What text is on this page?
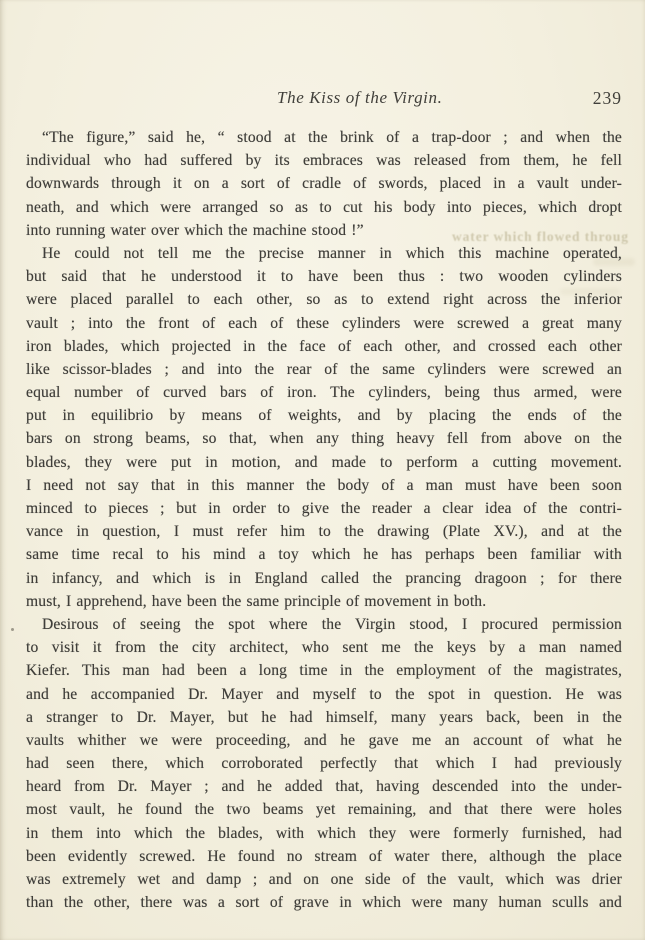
The Kiss of the Virgin.	239
water which flowed throug
“The figure,” said he, “ stood at the brink of a trap-door ; and when the
individual who had suffered by its embraces was released from them, he fell
downwards through it on a sort of cradle of swords, placed in a vault under-
neath, and which were arranged so as to cut his body into pieces, which dropt
into running water over which the machine stood !”
He could not tell me the precise manner in which this machine operated,
but said that he understood it to have been thus : two wooden cylinders
were placed parallel to each other, so as to extend right across the inferior
vault ; into the front of each of these cylinders were screwed a great many
iron blades, which projected in the face of each other, and crossed each other
like scissor-blades ; and into the rear of the same cylinders were screwed an
equal number of curved bars of iron. The cylinders, being thus armed, were
put in equilibrio by means of weights, and by placing the ends of the
bars on strong beams, so that, when any thing heavy fell from above on the
blades, they were put in motion, and made to perform a cutting movement.
I need not say that in this manner the body of a man must have been soon
minced to pieces ; but in order to give the reader a clear idea of the contri-
vance in question, I must refer him to the drawing (Plate XV.), and at the
same time recal to his mind a toy which he has perhaps been familiar with
in infancy, and which is in England called the prancing dragoon ; for there
must, I apprehend, have been the same principle of movement in both.
Desirous of seeing the spot where the Virgin stood, I procured permission
to visit it from the city architect, who sent me the keys by a man named
Kiefer. This man had been a long time in the employment of the magistrates,
and he accompanied Dr. Mayer and myself to the spot in question. He was
a stranger to Dr. Mayer, but he had himself, many years back, been in the
vaults whither we were proceeding, and he gave me an account of what he
had seen there, which corroborated perfectly that which I had previously
heard from Dr. Mayer ; and he added that, having descended into the under-
most vault, he found the two beams yet remaining, and that there were holes
in them into which the blades, with which they were formerly furnished, had
been evidently screwed. He found no stream of water there, although the place
was extremely wet and damp ; and on one side of the vault, which was drier
than the other, there was a sort of grave in which were many human sculls and
